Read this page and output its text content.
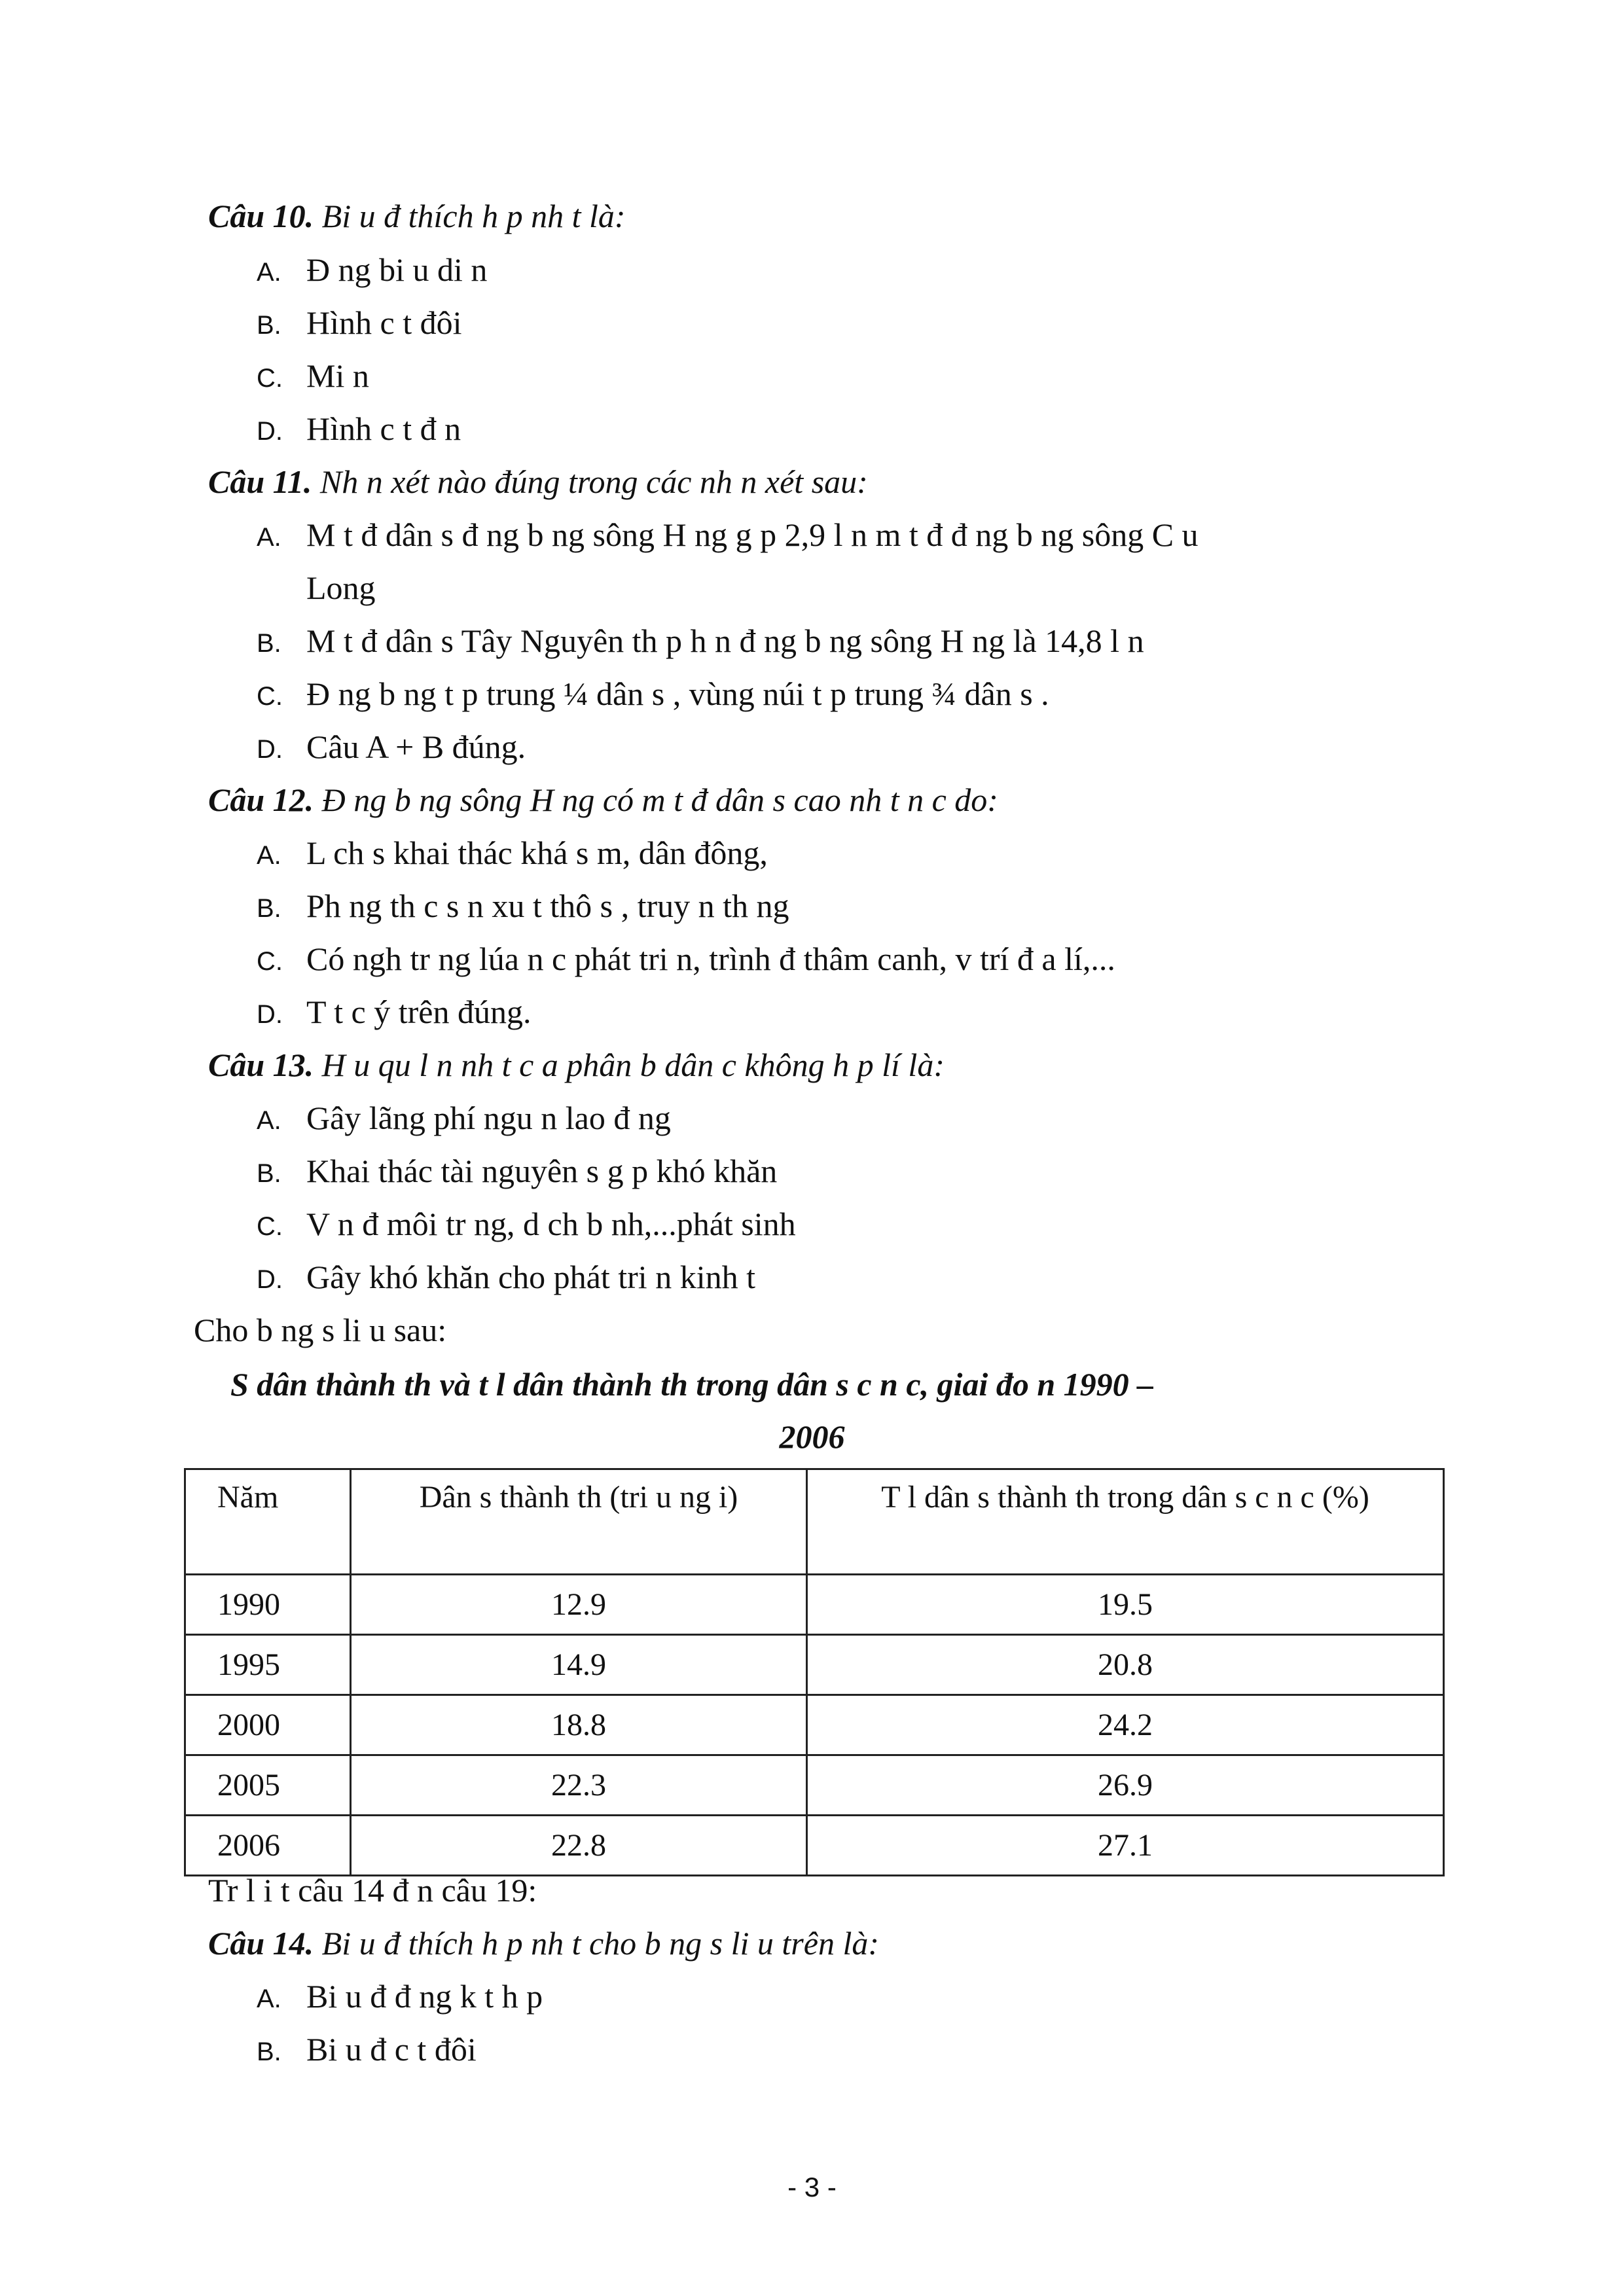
Câu 10. Bi u đ thích h p nh t là:
A. Đ ng bi u di n
B. Hình c t đôi
C. Mi n
D. Hình c t đ n
Câu 11. Nh n xét nào đúng trong các nh n xét sau:
A. M t đ dân s đ ng b ng sông H ng g p 2,9 l n m t đ đ ng b ng sông C u
Long
B. M t đ dân s Tây Nguyên th p h n đ ng b ng sông H ng là 14,8 l n
C. Đ ng b ng t p trung ¼ dân s , vùng núi t p trung ¾ dân s .
D. Câu A + B đúng.
Câu 12. Đ ng b ng sông H ng có m t đ dân s cao nh t n c do:
A. L ch s khai thác khá s m, dân đông,
B. Ph ng th c s n xu t thô s , truy n th ng
C. Có ngh tr ng lúa n c phát tri n, trình đ thâm canh, v trí đ a lí,...
D. T t c ý trên đúng.
Câu 13. H u qu l n nh t c a phân b dân c không h p lí là:
A. Gây lãng phí ngu n lao đ ng
B. Khai thác tài nguyên s g p khó khăn
C. V n đ môi tr ng, d ch b nh,...phát sinh
D. Gây khó khăn cho phát tri n kinh t
Cho b ng s li u sau:
S dân thành th và t l dân thành th trong dân s c n c, giai đo n 1990 –
2006
Năm	Dân s thành th (tri u ng i)	T l dân s thành th trong dân s c n c (%)
1990	12.9	19.5
1995	14.9	20.8
2000	18.8	24.2
2005	22.3	26.9
2006	22.8	27.1
Tr l i t câu 14 đ n câu 19:
Câu 14. Bi u đ thích h p nh t cho b ng s li u trên là:
A. Bi u đ đ ng k t h p
B. Bi u đ c t đôi
- 3 -
